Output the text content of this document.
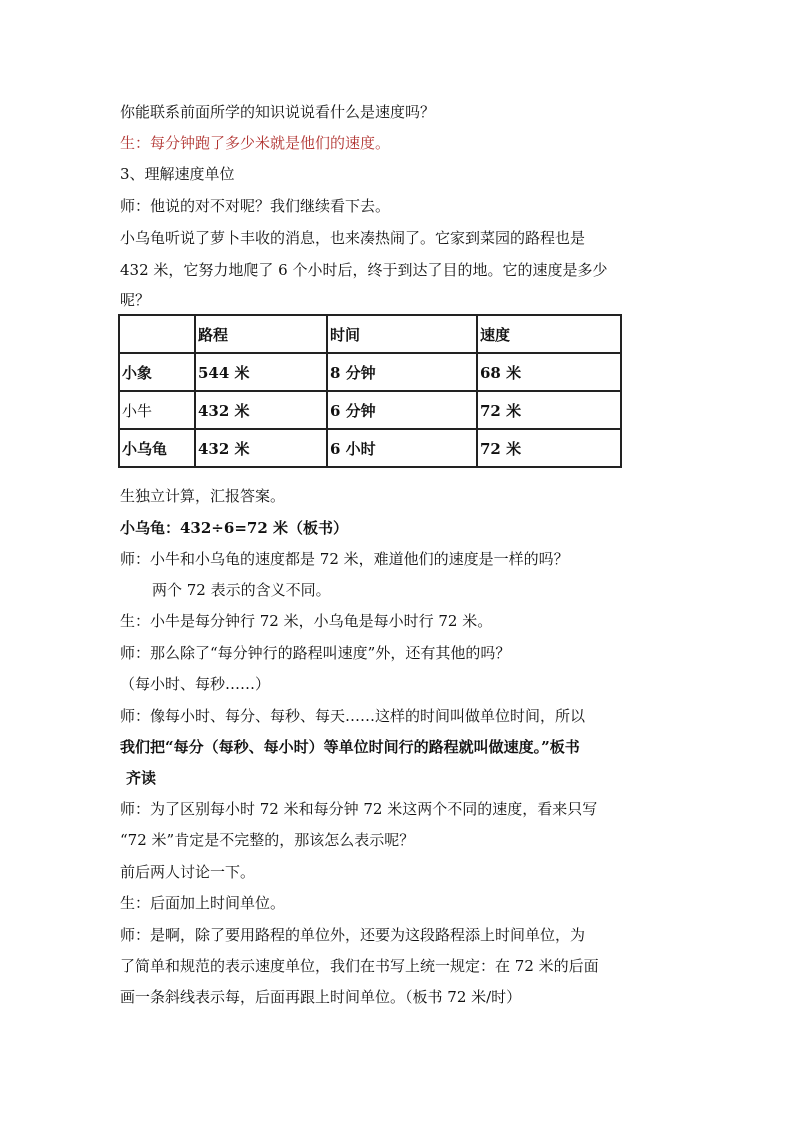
你能联系前面所学的知识说说看什么是速度吗？
生：每分钟跑了多少米就是他们的速度。
3、理解速度单位
师：他说的对不对呢？我们继续看下去。
小乌龟听说了萝卜丰收的消息，也来凑热闹了。它家到菜园的路程也是
432 米，它努力地爬了 6 个小时后，终于到达了目的地。它的速度是多少
呢？
	路程	时间	速度
小象	544 米	8 分钟	68 米
小牛	432 米	6 分钟	72 米
小乌龟	432 米	6 小时	72 米
生独立计算，汇报答案。
小乌龟：432÷6=72 米（板书）
师：小牛和小乌龟的速度都是 72 米，难道他们的速度是一样的吗？
两个 72 表示的含义不同。
生：小牛是每分钟行 72 米，小乌龟是每小时行 72 米。
师：那么除了“每分钟行的路程叫速度”外，还有其他的吗？
（每小时、每秒……）
师：像每小时、每分、每秒、每天……这样的时间叫做单位时间，所以
我们把“每分（每秒、每小时）等单位时间行的路程就叫做速度。”板书
齐读
师：为了区别每小时 72 米和每分钟 72 米这两个不同的速度，看来只写
“72 米”肯定是不完整的，那该怎么表示呢？
前后两人讨论一下。
生：后面加上时间单位。
师：是啊，除了要用路程的单位外，还要为这段路程添上时间单位，为
了简单和规范的表示速度单位，我们在书写上统一规定：在 72 米的后面
画一条斜线表示每，后面再跟上时间单位。（板书 72 米/时）
